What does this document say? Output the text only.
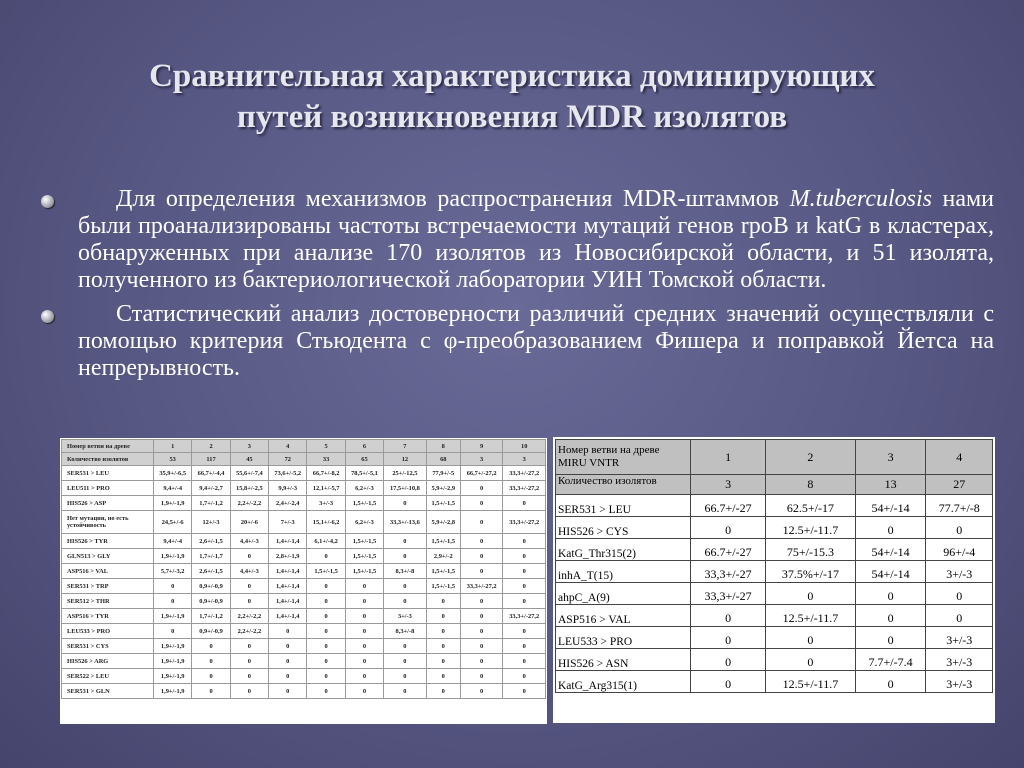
Сравнительная характеристика доминирующих
путей возникновения MDR изолятов
Для определения механизмов распространения MDR-штаммов M.tuberculosis нами были проанализированы частоты встречаемости мутаций генов rpoB и katG в кластерах, обнаруженных при анализе 170 изолятов из Новосибирской области, и 51 изолята, полученного из бактериологической лаборатории УИН Томской области.
Статистический анализ достоверности различий средних значений осуществляли с помощью критерия Стьюдента с φ-преобразованием Фишера и поправкой Йетса на непрерывность.
Номер ветви на древе	1	2	3	4	5	6	7	8	9	10
Количество изолятов	53	117	45	72	33	65	12	68	3	3
SER531 > LEU	35,9+/-6,5	66,7+/-4,4	55,6+/-7,4	73,6+/-5,2	66,7+/-8,2	78,5+/-5,1	25+/-12,5	77,9+/-5	66,7+/-27,2	33,3+/-27,2
LEU511 > PRO	9,4+/-4	9,4+/-2,7	15,8+/-2,5	9,9+/-3	12,1+/-5,7	6,2+/-3	17,5+/-10,8	5,9+/-2,9	0	33,3+/-27,2
HIS526 > ASP	1,9+/-1,9	1,7+/-1,2	2,2+/-2,2	2,4+/-2,4	3+/-3	1,5+/-1,5	0	1,5+/-1,5	0	0
Нет мутации, но есть устойчивость	24,5+/-6	12+/-3	20+/-6	7+/-3	15,1+/-6,2	6,2+/-3	33,3+/-13,6	5,9+/-2,8	0	33,3+/-27,2
HIS526 > TYR	9,4+/-4	2,6+/-1,5	4,4+/-3	1,4+/-1,4	6,1+/-4,2	1,5+/-1,5	0	1,5+/-1,5	0	0
GLN513 > GLY	1,9+/-1,9	1,7+/-1,7	0	2,8+/-1,9	0	1,5+/-1,5	0	2,9+/-2	0	0
ASP516 > VAL	5,7+/-3,2	2,6+/-1,5	4,4+/-3	1,4+/-1,4	1,5+/-1,5	1,5+/-1,5	8,3+/-8	1,5+/-1,5	0	0
SER531 > TRP	0	0,9+/-0,9	0	1,4+/-1,4	0	0	0	1,5+/-1,5	33,3+/-27,2	0
SER512 > THR	0	0,9+/-0,9	0	1,4+/-1,4	0	0	0	0	0	0
ASP516 > TYR	1,9+/-1,9	1,7+/-1,2	2,2+/-2,2	1,4+/-1,4	0	0	3+/-3	0	0	33,3+/-27,2
LEU533 > PRO	0	0,9+/-0,9	2,2+/-2,2	0	0	0	8,3+/-8	0	0	0
SER531 > CYS	1,9+/-1,9	0	0	0	0	0	0	0	0	0
HIS526 > ARG	1,9+/-1,9	0	0	0	0	0	0	0	0	0
SER522 > LEU	1,9+/-1,9	0	0	0	0	0	0	0	0	0
SER531 > GLN	1,9+/-1,9	0	0	0	0	0	0	0	0	0
Номер ветви на древе MIRU VNTR	1	2	3	4
Количество изолятов	3	8	13	27
SER531 > LEU	66.7+/-27	62.5+/-17	54+/-14	77.7+/-8
HIS526 > CYS	0	12.5+/-11.7	0	0
KatG_Thr315(2)	66.7+/-27	75+/-15.3	54+/-14	96+/-4
inhA_T(15)	33,3+/-27	37.5%+/-17	54+/-14	3+/-3
ahpC_A(9)	33,3+/-27	0	0	0
ASP516 > VAL	0	12.5+/-11.7	0	0
LEU533 > PRO	0	0	0	3+/-3
HIS526 > ASN	0	0	7.7+/-7.4	3+/-3
KatG_Arg315(1)	0	12.5+/-11.7	0	3+/-3
